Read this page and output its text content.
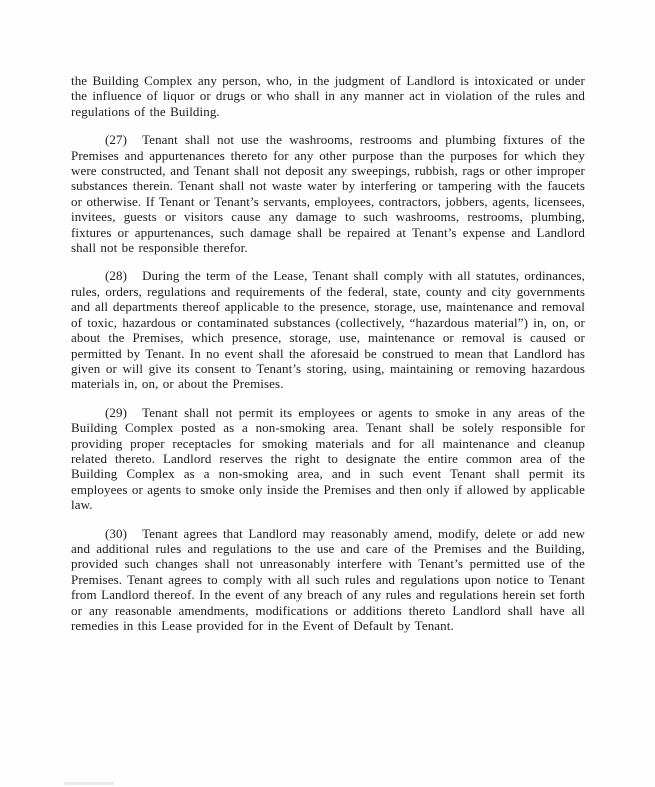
the Building Complex any person, who, in the judgment of Landlord is intoxicated or under the influence of liquor or drugs or who shall in any manner act in violation of the rules and regulations of the Building.

(27) Tenant shall not use the washrooms, restrooms and plumbing fixtures of the Premises and appurtenances thereto for any other purpose than the purposes for which they were constructed, and Tenant shall not deposit any sweepings, rubbish, rags or other improper substances therein. Tenant shall not waste water by interfering or tampering with the faucets or otherwise. If Tenant or Tenant’s servants, employees, contractors, jobbers, agents, licensees, invitees, guests or visitors cause any damage to such washrooms, restrooms, plumbing, fixtures or appurtenances, such damage shall be repaired at Tenant’s expense and Landlord shall not be responsible therefor.

(28) During the term of the Lease, Tenant shall comply with all statutes, ordinances, rules, orders, regulations and requirements of the federal, state, county and city governments and all departments thereof applicable to the presence, storage, use, maintenance and removal of toxic, hazardous or contaminated substances (collectively, “hazardous material”) in, on, or about the Premises, which presence, storage, use, maintenance or removal is caused or permitted by Tenant. In no event shall the aforesaid be construed to mean that Landlord has given or will give its consent to Tenant’s storing, using, maintaining or removing hazardous materials in, on, or about the Premises.

(29) Tenant shall not permit its employees or agents to smoke in any areas of the Building Complex posted as a non-smoking area. Tenant shall be solely responsible for providing proper receptacles for smoking materials and for all maintenance and cleanup related thereto. Landlord reserves the right to designate the entire common area of the Building Complex as a non-smoking area, and in such event Tenant shall permit its employees or agents to smoke only inside the Premises and then only if allowed by applicable law.

(30) Tenant agrees that Landlord may reasonably amend, modify, delete or add new and additional rules and regulations to the use and care of the Premises and the Building, provided such changes shall not unreasonably interfere with Tenant’s permitted use of the Premises. Tenant agrees to comply with all such rules and regulations upon notice to Tenant from Landlord thereof. In the event of any breach of any rules and regulations herein set forth or any reasonable amendments, modifications or additions thereto Landlord shall have all remedies in this Lease provided for in the Event of Default by Tenant.
